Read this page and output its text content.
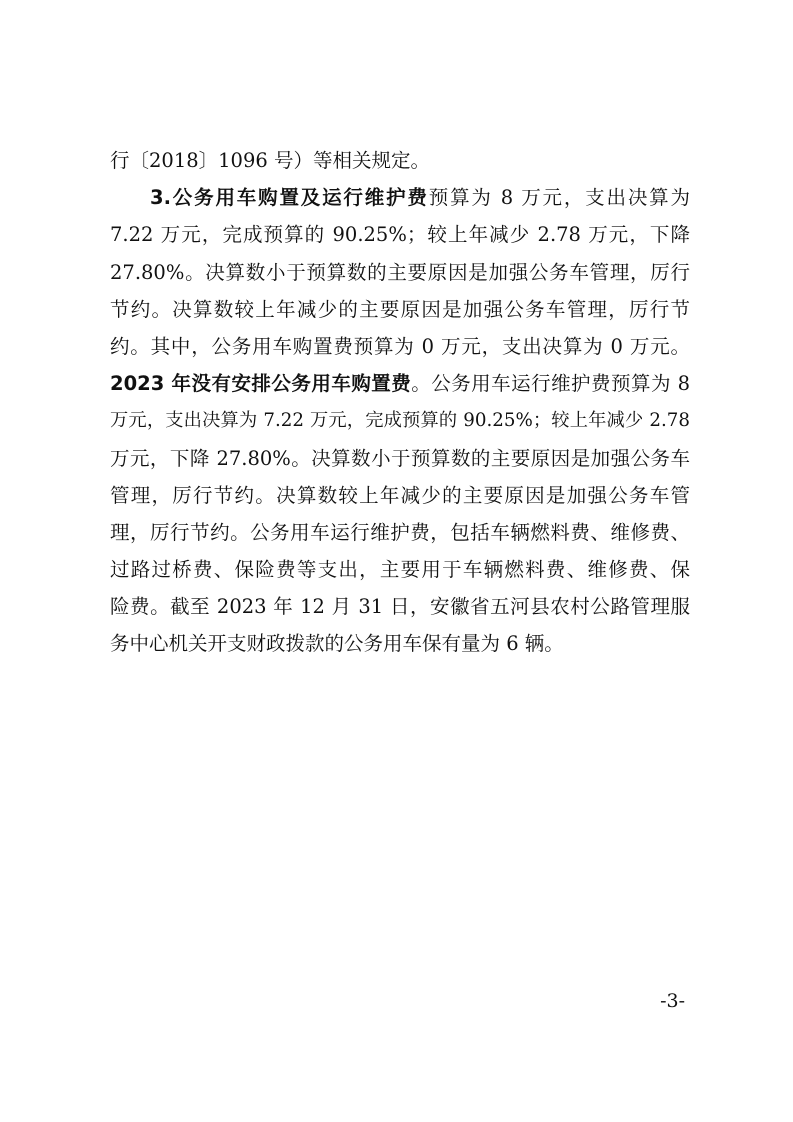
行〔2018〕1096 号）等相关规定。
3.公务用车购置及运行维护费预算为 8 万元，支出决算为
7.22 万元，完成预算的 90.25%；较上年减少 2.78 万元，下降
27.80%。决算数小于预算数的主要原因是加强公务车管理，厉行
节约。决算数较上年减少的主要原因是加强公务车管理，厉行节
约。其中，公务用车购置费预算为 0 万元，支出决算为 0 万元。
2023 年没有安排公务用车购置费。公务用车运行维护费预算为 8
万元，支出决算为 7.22 万元，完成预算的 90.25%；较上年减少 2.78
万元，下降 27.80%。决算数小于预算数的主要原因是加强公务车
管理，厉行节约。决算数较上年减少的主要原因是加强公务车管
理，厉行节约。公务用车运行维护费，包括车辆燃料费、维修费、
过路过桥费、保险费等支出，主要用于车辆燃料费、维修费、保
险费。截至 2023 年 12 月 31 日，安徽省五河县农村公路管理服
务中心机关开支财政拨款的公务用车保有量为 6 辆。
-3-
